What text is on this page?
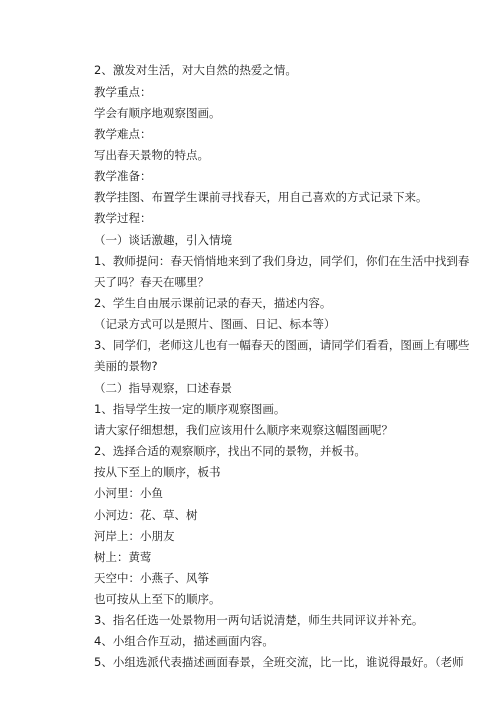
2、激发对生活，对大自然的热爱之情。
教学重点：
学会有顺序地观察图画。
教学难点：
写出春天景物的特点。
教学准备：
教学挂图、布置学生课前寻找春天，用自己喜欢的方式记录下来。
教学过程：
（一）谈话激趣，引入情境
1、教师提问：春天悄悄地来到了我们身边，同学们，你们在生活中找到春
天了吗？春天在哪里？
2、学生自由展示课前记录的春天，描述内容。
（记录方式可以是照片、图画、日记、标本等）
3、同学们，老师这儿也有一幅春天的图画，请同学们看看，图画上有哪些
美丽的景物?
（二）指导观察，口述春景
1、指导学生按一定的顺序观察图画。
请大家仔细想想，我们应该用什么顺序来观察这幅图画呢？
2、选择合适的观察顺序，找出不同的景物，并板书。
按从下至上的顺序，板书
小河里：小鱼
小河边：花、草、树
河岸上：小朋友
树上：黄莺
天空中：小燕子、风筝
也可按从上至下的顺序。
3、指名任选一处景物用一两句话说清楚，师生共同评议并补充。
4、小组合作互动，描述画面内容。
5、小组选派代表描述画面春景，全班交流，比一比，谁说得最好。（老师
